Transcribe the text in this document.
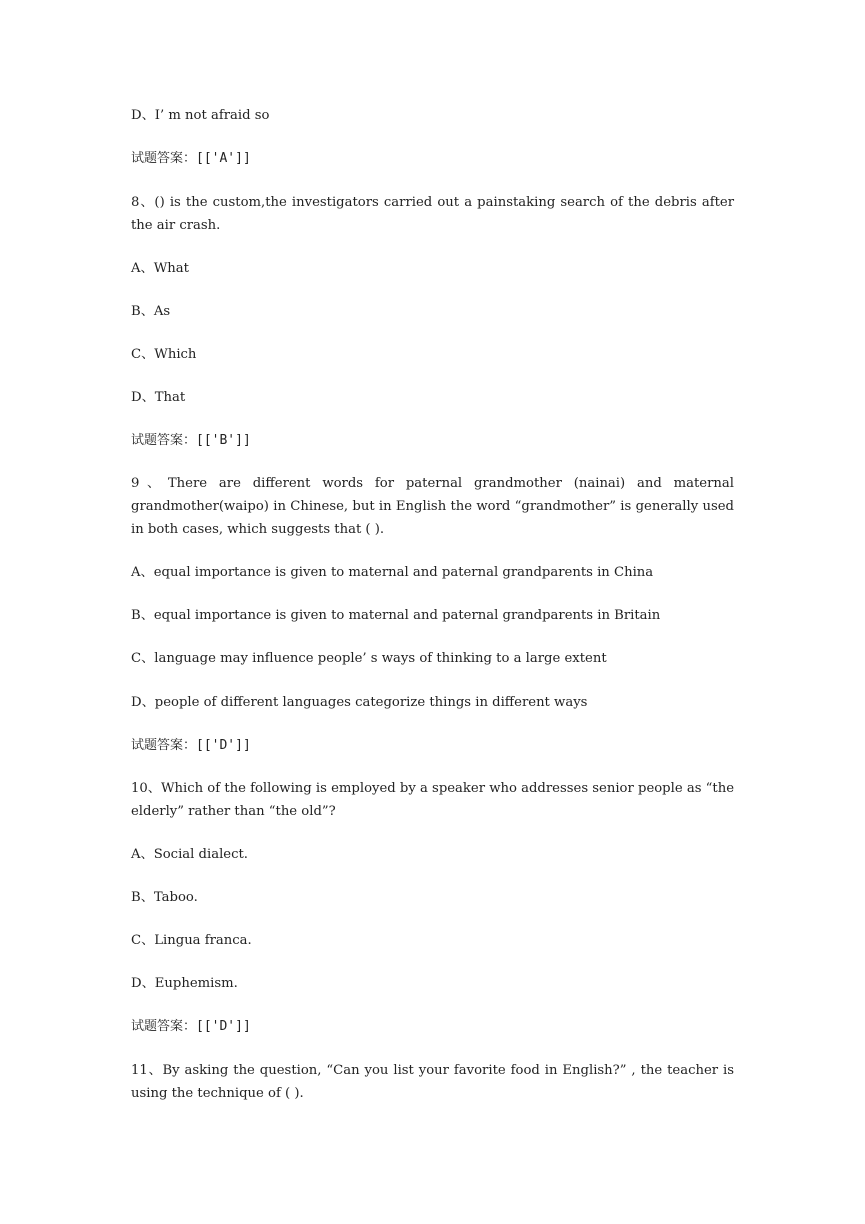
D、I’ m not afraid so
试题答案：[['A']]
8、() is the custom,the investigators carried out a painstaking search of the debris after the air crash.
A、What
B、As
C、Which
D、That
试题答案：[['B']]
9、There are different words for paternal grandmother (nainai) and maternal grandmother(waipo) in Chinese, but in English the word “grandmother” is generally used in both cases, which suggests that ( ).
A、equal importance is given to maternal and paternal grandparents in China
B、equal importance is given to maternal and paternal grandparents in Britain
C、language may influence people’ s ways of thinking to a large extent
D、people of different languages categorize things in different ways
试题答案：[['D']]
10、Which of the following is employed by a speaker who addresses senior people as “the elderly” rather than “the old”?
A、Social dialect.
B、Taboo.
C、Lingua franca.
D、Euphemism.
试题答案：[['D']]
11、By asking the question, “Can you list your favorite food in English?” , the teacher is using the technique of ( ).
